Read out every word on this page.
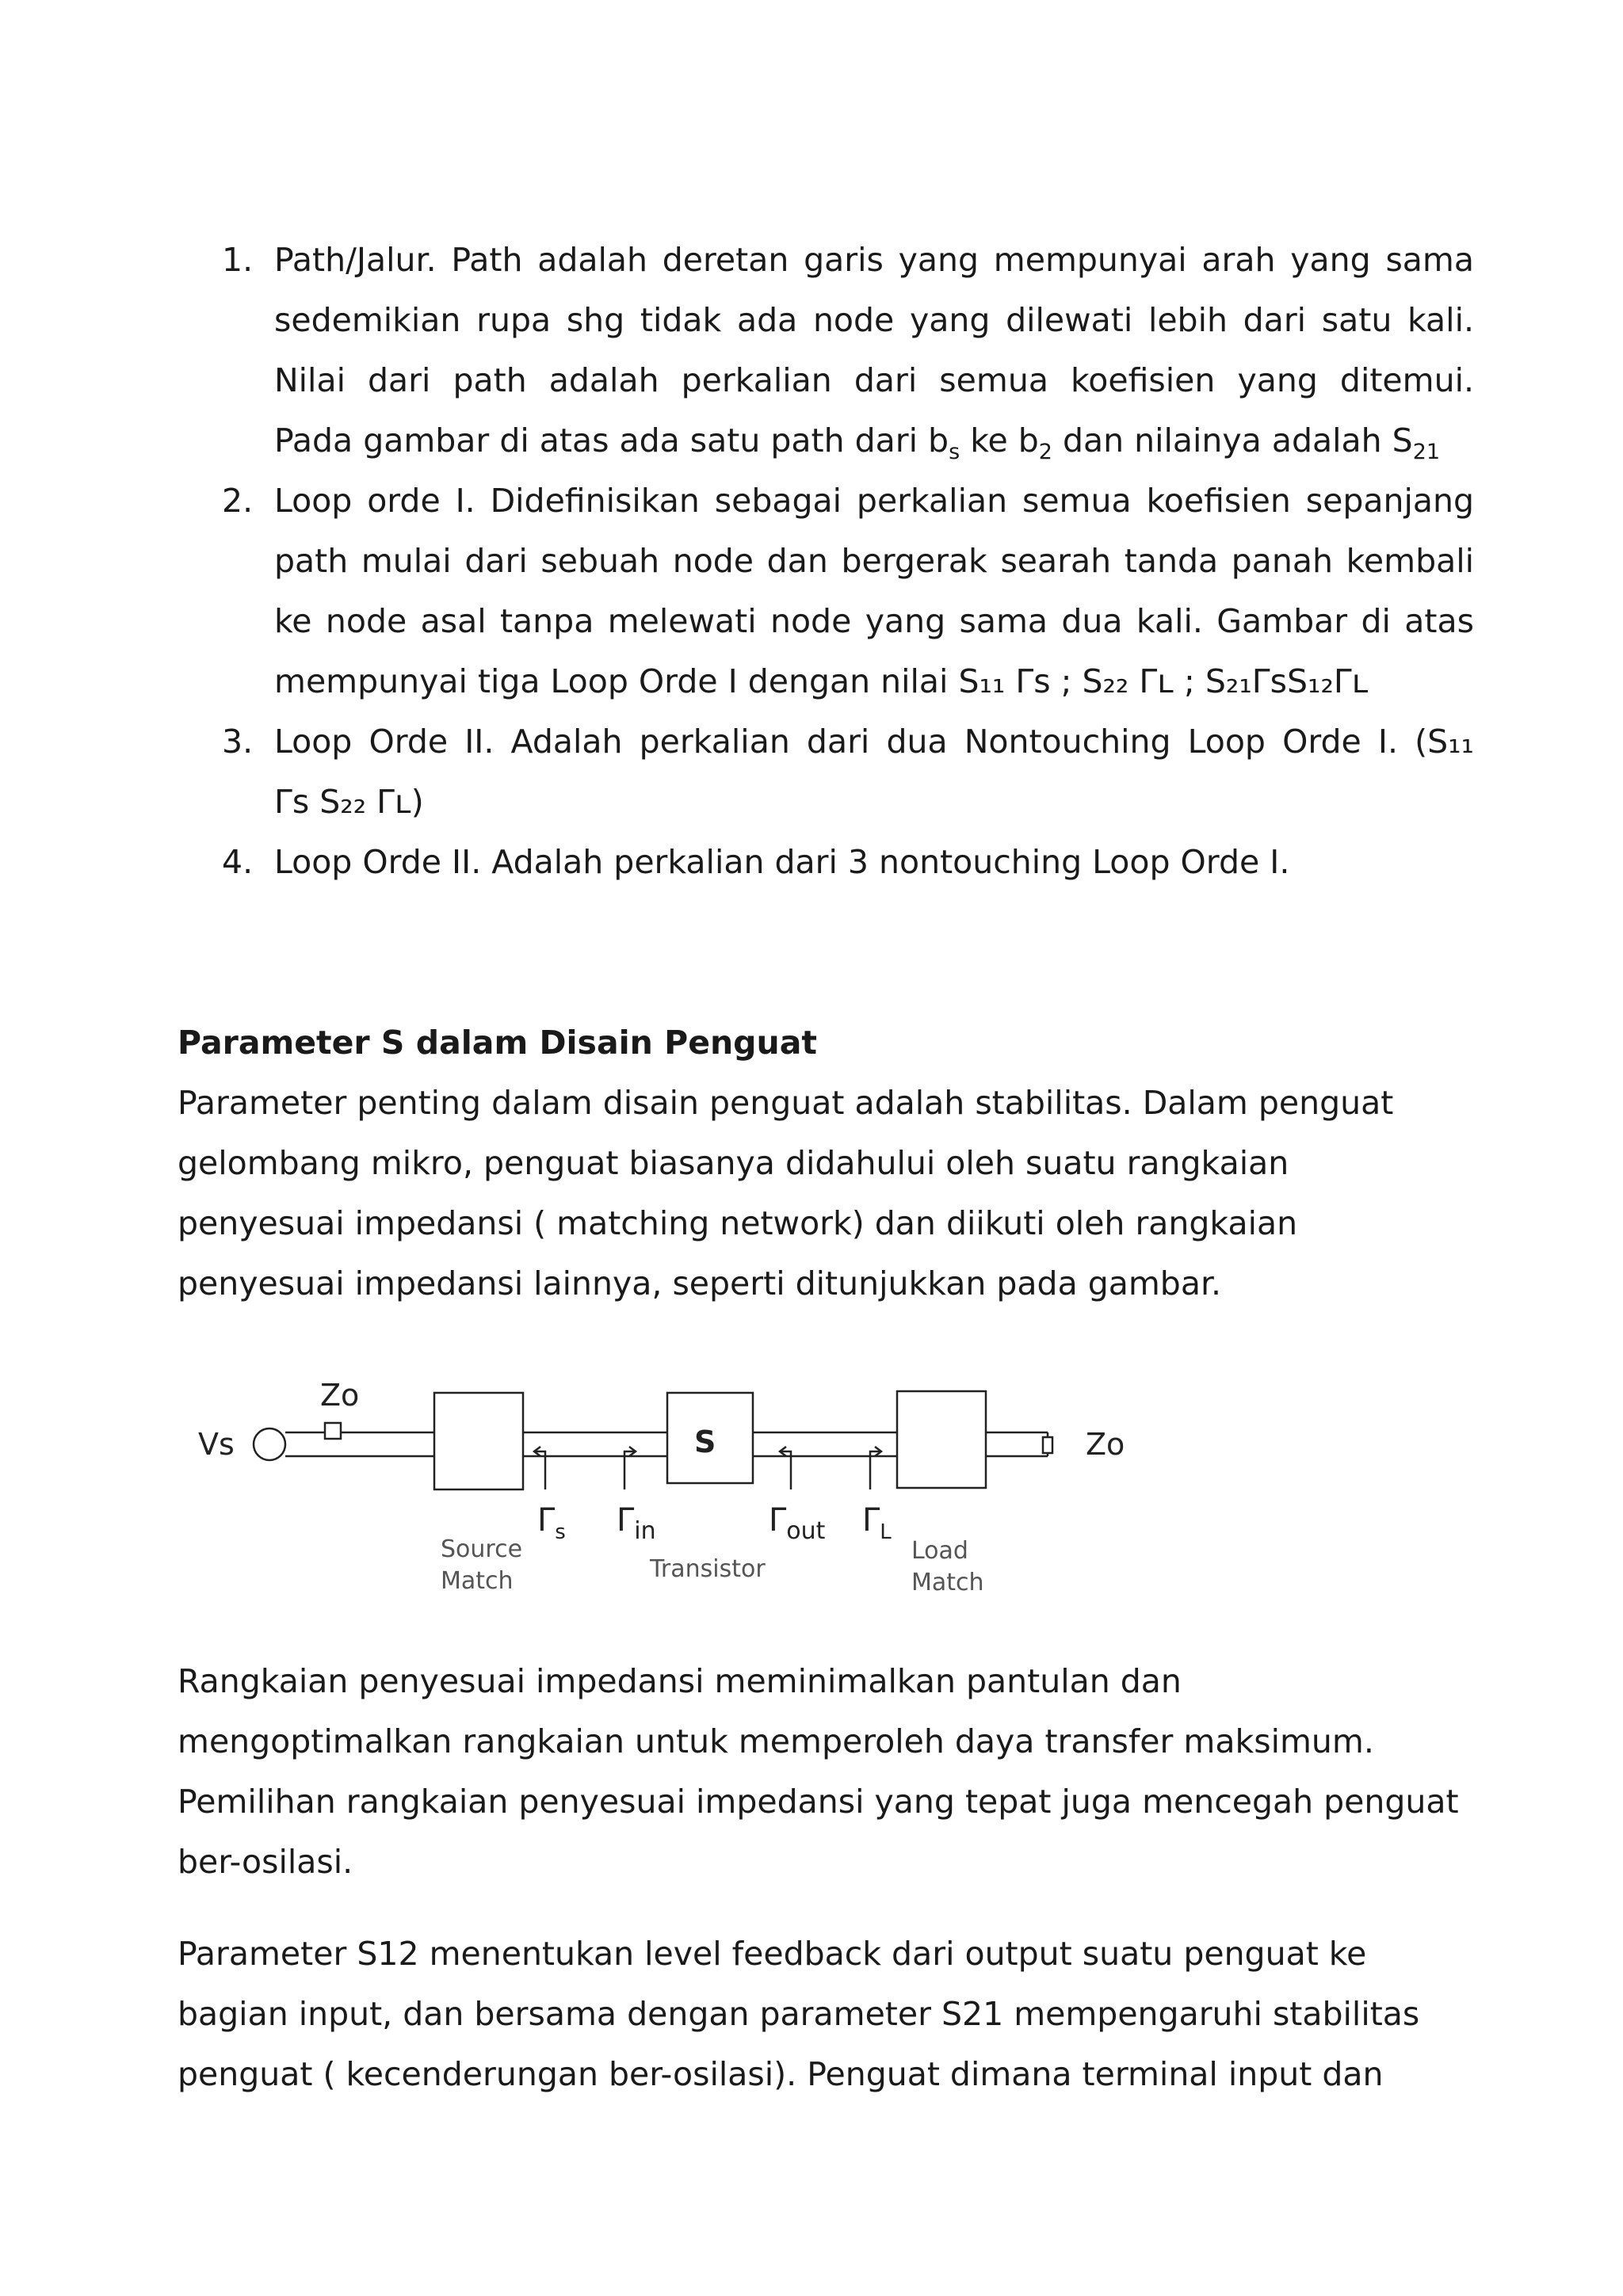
1. Path/Jalur. Path adalah deretan garis yang mempunyai arah yang sama
sedemikian rupa shg tidak ada node yang dilewati lebih dari satu kali.
Nilai dari path adalah perkalian dari semua koefisien yang ditemui.
Pada gambar di atas ada satu path dari $b_s$ ke $b_2$ dan nilainya adalah $S_{21}$
2. Loop orde I. Didefinisikan sebagai perkalian semua koefisien sepanjang
path mulai dari sebuah node dan bergerak searah tanda panah kembali
ke node asal tanpa melewati node yang sama dua kali. Gambar di atas
mempunyai tiga Loop Orde I dengan nilai S₁₁ Γs ; S₂₂ Γʟ ; S₂₁ΓsS₁₂Γʟ
3. Loop Orde II. Adalah perkalian dari dua Nontouching Loop Orde I. (S₁₁
Γs S₂₂ Γʟ)
4. Loop Orde II. Adalah perkalian dari 3 nontouching Loop Orde I.
Parameter S dalam Disain Penguat
Parameter penting dalam disain penguat adalah stabilitas. Dalam penguat
gelombang mikro, penguat biasanya didahului oleh suatu rangkaian
penyesuai impedansi ( matching network) dan diikuti oleh rangkaian
penyesuai impedansi lainnya, seperti ditunjukkan pada gambar.
Vs
Zo
Zo
S
$\Gamma_s$ $\Gamma_{in}$	$\Gamma_{out}$ $\Gamma_L$
Source
Match	Transistor
Load
Match
Rangkaian penyesuai impedansi meminimalkan pantulan dan
mengoptimalkan rangkaian untuk memperoleh daya transfer maksimum.
Pemilihan rangkaian penyesuai impedansi yang tepat juga mencegah penguat
ber-osilasi.
Parameter S12 menentukan level feedback dari output suatu penguat ke
bagian input, dan bersama dengan parameter S21 mempengaruhi stabilitas
penguat ( kecenderungan ber-osilasi). Penguat dimana terminal input dan
